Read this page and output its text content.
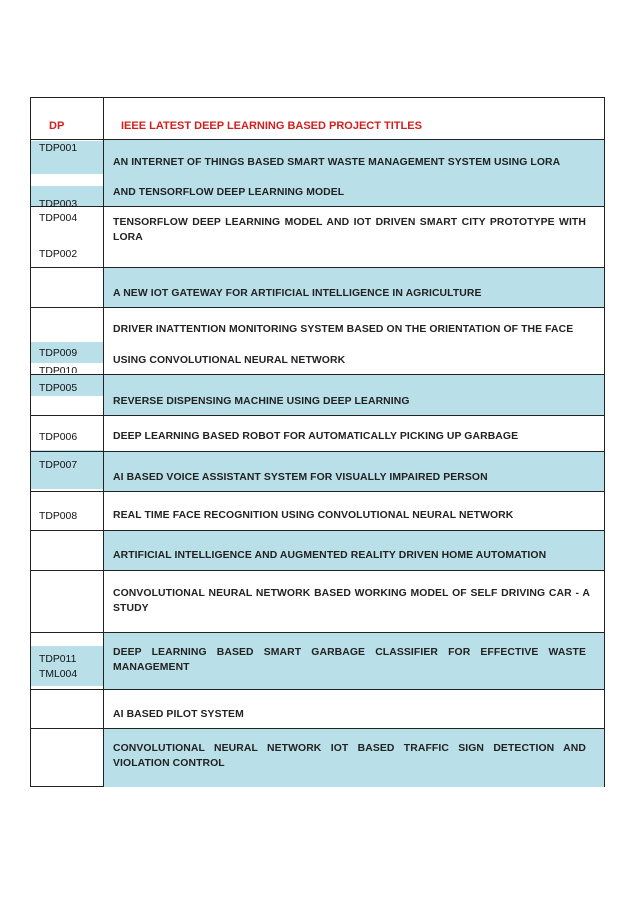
DP	IEEE LATEST DEEP LEARNING BASED PROJECT TITLES
TDP001
TDP003
TDP004
TDP002
TDP009
TDP010
TDP005
TDP006
TDP007
TDP008
TDP011
TML004
AN INTERNET OF THINGS BASED SMART WASTE MANAGEMENT SYSTEM USING LORA
AND TENSORFLOW DEEP LEARNING MODEL
TENSORFLOW DEEP LEARNING MODEL AND IOT DRIVEN SMART CITY PROTOTYPE WITH LORA
A NEW IOT GATEWAY FOR ARTIFICIAL INTELLIGENCE IN AGRICULTURE
DRIVER INATTENTION MONITORING SYSTEM BASED ON THE ORIENTATION OF THE FACE
USING CONVOLUTIONAL NEURAL NETWORK
REVERSE DISPENSING MACHINE USING DEEP LEARNING
DEEP LEARNING BASED ROBOT FOR AUTOMATICALLY PICKING UP GARBAGE
AI BASED VOICE ASSISTANT SYSTEM FOR VISUALLY IMPAIRED PERSON
REAL TIME FACE RECOGNITION USING CONVOLUTIONAL NEURAL NETWORK
ARTIFICIAL INTELLIGENCE AND AUGMENTED REALITY DRIVEN HOME AUTOMATION
CONVOLUTIONAL NEURAL NETWORK BASED WORKING MODEL OF SELF DRIVING CAR - A STUDY
DEEP LEARNING BASED SMART GARBAGE CLASSIFIER FOR EFFECTIVE WASTE MANAGEMENT
AI BASED PILOT SYSTEM
CONVOLUTIONAL NEURAL NETWORK IOT BASED TRAFFIC SIGN DETECTION AND VIOLATION CONTROL
